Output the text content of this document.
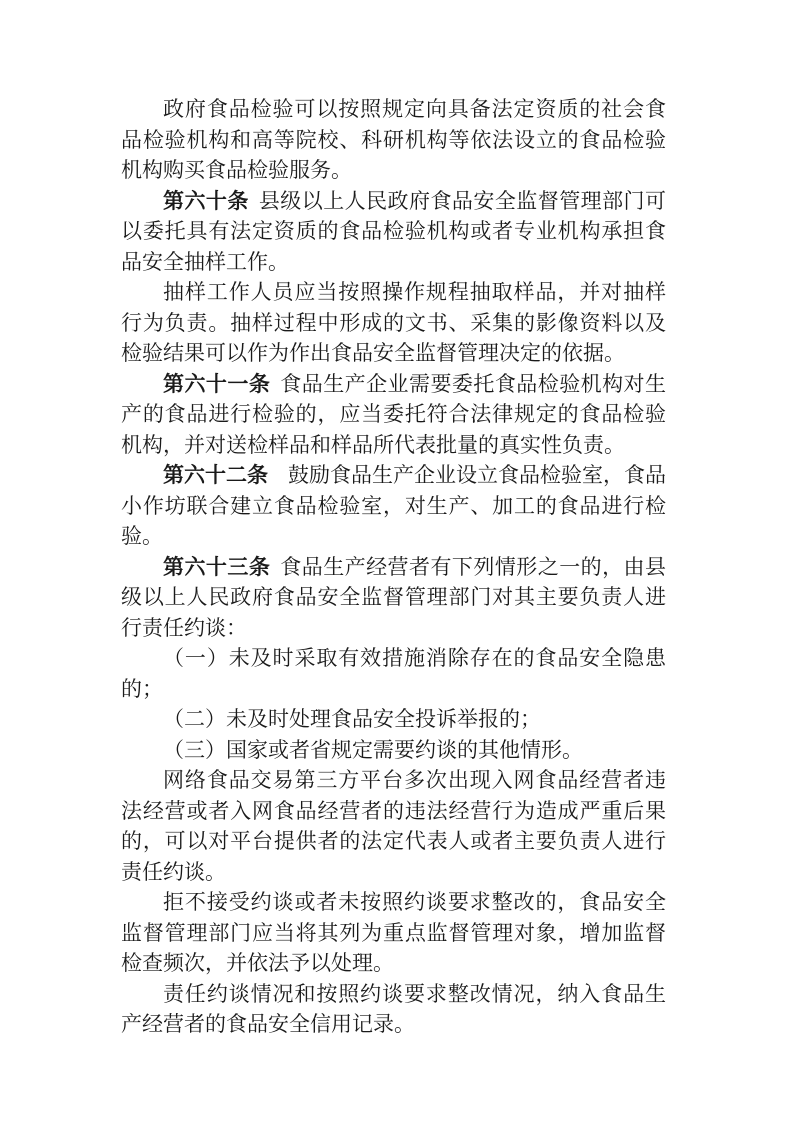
政府食品检验可以按照规定向具备法定资质的社会食品检验机构和高等院校、科研机构等依法设立的食品检验机构购买食品检验服务。

第六十条 县级以上人民政府食品安全监督管理部门可以委托具有法定资质的食品检验机构或者专业机构承担食品安全抽样工作。

抽样工作人员应当按照操作规程抽取样品，并对抽样行为负责。抽样过程中形成的文书、采集的影像资料以及检验结果可以作为作出食品安全监督管理决定的依据。

第六十一条 食品生产企业需要委托食品检验机构对生产的食品进行检验的，应当委托符合法律规定的食品检验机构，并对送检样品和样品所代表批量的真实性负责。

第六十二条 鼓励食品生产企业设立食品检验室，食品小作坊联合建立食品检验室，对生产、加工的食品进行检验。

第六十三条 食品生产经营者有下列情形之一的，由县级以上人民政府食品安全监督管理部门对其主要负责人进行责任约谈：

（一）未及时采取有效措施消除存在的食品安全隐患的；

（二）未及时处理食品安全投诉举报的；

（三）国家或者省规定需要约谈的其他情形。

网络食品交易第三方平台多次出现入网食品经营者违法经营或者入网食品经营者的违法经营行为造成严重后果的，可以对平台提供者的法定代表人或者主要负责人进行责任约谈。

拒不接受约谈或者未按照约谈要求整改的，食品安全监督管理部门应当将其列为重点监督管理对象，增加监督检查频次，并依法予以处理。

责任约谈情况和按照约谈要求整改情况，纳入食品生产经营者的食品安全信用记录。
